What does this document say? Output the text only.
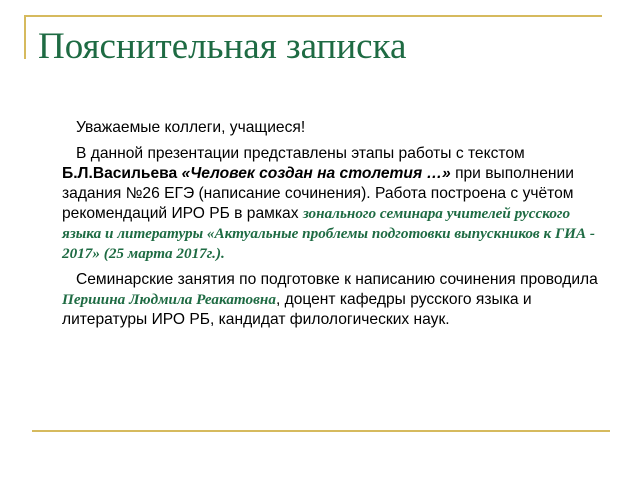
Пояснительная записка

Уважаемые коллеги, учащиеся!

В данной презентации представлены этапы работы с текстом Б.Л.Васильева «Человек создан на столетия …» при выполнении задания №26 ЕГЭ (написание сочинения). Работа построена с учётом рекомендаций ИРО РБ в рамках зонального семинара учителей русского языка и литературы «Актуальные проблемы подготовки выпускников к ГИА - 2017» (25 марта 2017г.).

Семинарские занятия по подготовке к написанию сочинения проводила Першина Людмила Реакатовна, доцент кафедры русского языка и литературы ИРО РБ, кандидат филологических наук.
